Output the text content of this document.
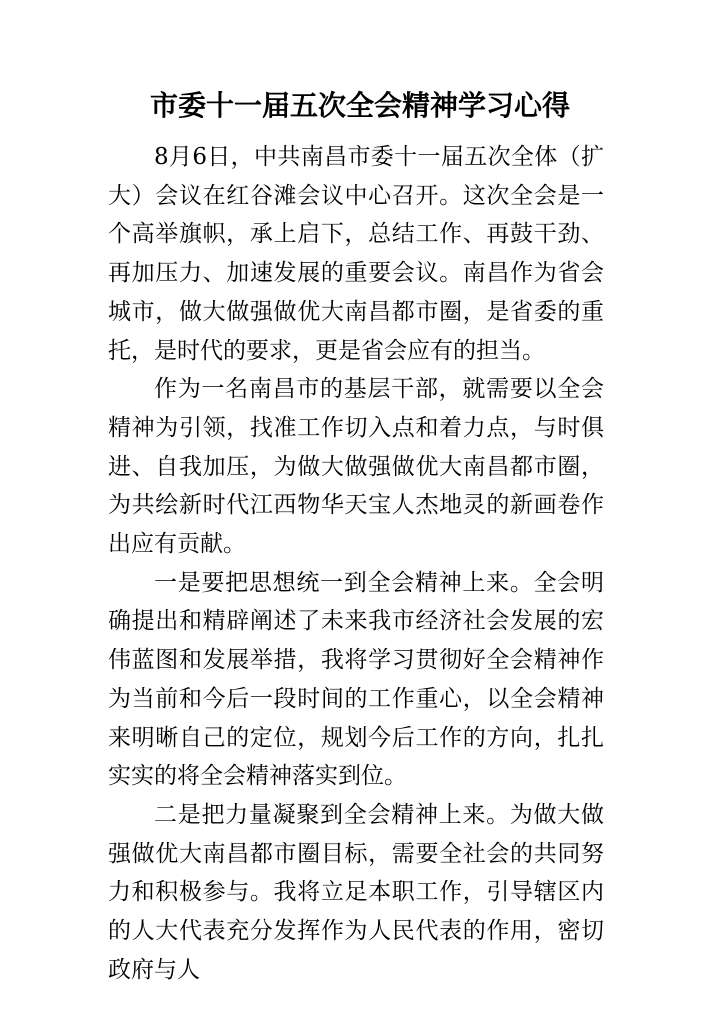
市委十一届五次全会精神学习心得

8月6日，中共南昌市委十一届五次全体（扩大）会议在红谷滩会议中心召开。这次全会是一个高举旗帜，承上启下，总结工作、再鼓干劲、再加压力、加速发展的重要会议。南昌作为省会城市，做大做强做优大南昌都市圈，是省委的重托，是时代的要求，更是省会应有的担当。

作为一名南昌市的基层干部，就需要以全会精神为引领，找准工作切入点和着力点，与时俱进、自我加压，为做大做强做优大南昌都市圈，为共绘新时代江西物华天宝人杰地灵的新画卷作出应有贡献。

一是要把思想统一到全会精神上来。全会明确提出和精辟阐述了未来我市经济社会发展的宏伟蓝图和发展举措，我将学习贯彻好全会精神作为当前和今后一段时间的工作重心，以全会精神来明晰自己的定位，规划今后工作的方向，扎扎实实的将全会精神落实到位。

二是把力量凝聚到全会精神上来。为做大做强做优大南昌都市圈目标，需要全社会的共同努力和积极参与。我将立足本职工作，引导辖区内的人大代表充分发挥作为人民代表的作用，密切政府与人
